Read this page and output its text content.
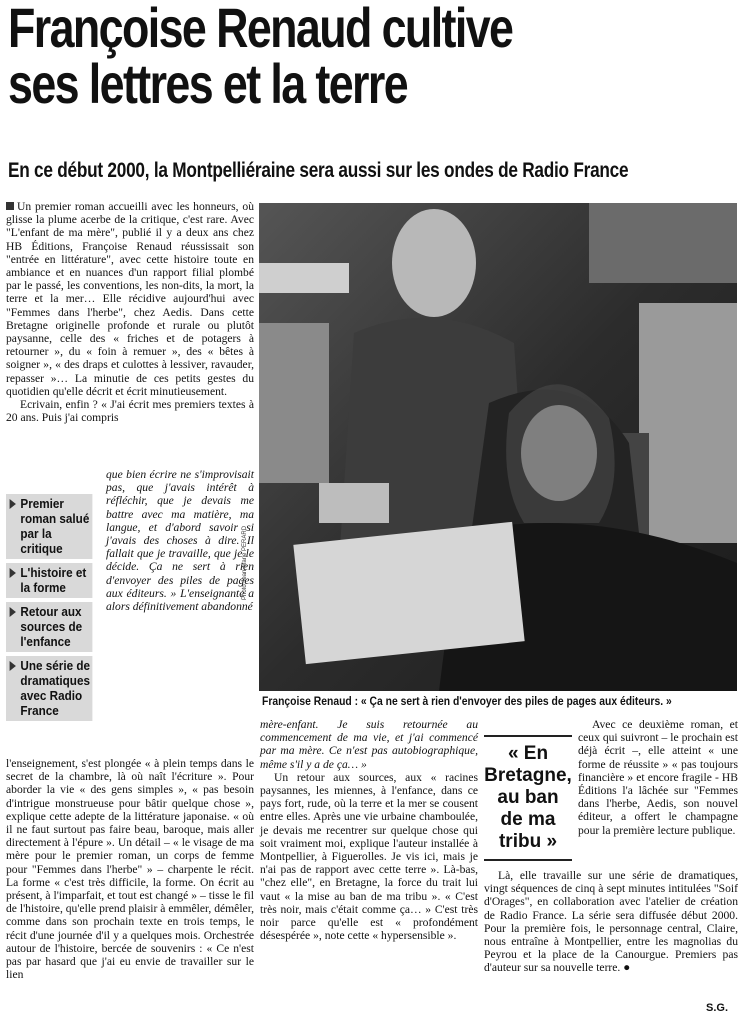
Françoise Renaud cultive
ses lettres et la terre
En ce début 2000, la Montpelliéraine sera aussi sur les ondes de Radio France

Un premier roman accueilli avec les honneurs, où glisse la plume acerbe de la critique, c'est rare. Avec "L'enfant de ma mère", publié il y a deux ans chez HB Éditions, Françoise Renaud réussissait son "entrée en littérature", avec cette histoire toute en ambiance et en nuances d'un rapport filial plombé par le passé, les conventions, les non-dits, la mort, la terre et la mer… Elle récidive aujourd'hui avec "Femmes dans l'herbe", chez Aedis. Dans cette Bretagne originelle profonde et rurale ou plutôt paysanne, celle des « friches et de potagers à retourner », du « foin à remuer », des « bêtes à soigner », « des draps et culottes à lessiver, ravauder, repasser »… La minutie de ces petits gestes du quotidien qu'elle décrit et écrit minutieusement.

Ecrivain, enfin ? « J'ai écrit mes premiers textes à 20 ans. Puis j'ai compris

Premier roman salué par la critique
L'histoire et la forme
Retour aux sources de l'enfance
Une série de dramatiques avec Radio France

que bien écrire ne s'improvisait pas, que j'avais intérêt à réfléchir, que je devais me battre avec ma matière, ma langue, et d'abord savoir si j'avais des choses à dire. Il fallait que je travaille, que je le décide. Ça ne sert à rien d'envoyer des piles de pages aux éditeurs. » L'enseignante a alors définitivement abandonné

l'enseignement, s'est plongée « à plein temps dans le secret de la chambre, là où naît l'écriture ». Pour aborder la vie « des gens simples », « pas besoin d'intrigue monstrueuse pour bâtir quelque chose », explique cette adepte de la littérature japonaise. « où il ne faut surtout pas faire beau, baroque, mais aller directement à l'épure ». Un détail – « le visage de ma mère pour le premier roman, un corps de femme pour "Femmes dans l'herbe" » – charpente le récit. La forme « c'est très difficile, la forme. On écrit au présent, à l'imparfait, et tout est changé » – tisse le fil de l'histoire, qu'elle prend plaisir à emmêler, démêler, comme dans son prochain texte en trois temps, le récit d'une journée d'il y a quelques mois. Orchestrée autour de l'histoire, bercée de souvenirs : « Ce n'est pas par hasard que j'ai eu envie de travailler sur le lien

Photo Jean-Marie PERARD
Françoise Renaud : « Ça ne sert à rien d'envoyer des piles de pages aux éditeurs. »

mère-enfant. Je suis retournée au commencement de ma vie, et j'ai commencé par ma mère. Ce n'est pas autobiographique, même s'il y a de ça… »

Un retour aux sources, aux « racines paysannes, les miennes, à l'enfance, dans ce pays fort, rude, où la terre et la mer se cousent entre elles. Après une vie urbaine chamboulée, je devais me recentrer sur quelque chose qui soit vraiment moi, explique l'auteur installée à Montpellier, à Figuerolles. Je vis ici, mais je n'ai pas de rapport avec cette terre ». Là-bas, "chez elle", en Bretagne, la force du trait lui vaut « la mise au ban de ma tribu ». « C'est très noir, mais c'était comme ça… » C'est très noir parce qu'elle est « profondément désespérée », note cette « hypersensible ».

« En Bretagne, au ban de ma tribu »

Avec ce deuxième roman, et ceux qui suivront – le prochain est déjà écrit –, elle atteint « une forme de réussite » « pas toujours financière » et encore fragile - HB Éditions l'a lâchée sur "Femmes dans l'herbe, Aedis, son nouvel éditeur, a offert le champagne pour la première lecture publique.

Là, elle travaille sur une série de dramatiques, vingt séquences de cinq à sept minutes intitulées "Soif d'Orages", en collaboration avec l'atelier de création de Radio France. La série sera diffusée début 2000. Pour la première fois, le personnage central, Claire, nous entraîne à Montpellier, entre les magnolias du Peyrou et la place de la Canourgue. Premiers pas d'auteur sur sa nouvelle terre. ●

S.G.
